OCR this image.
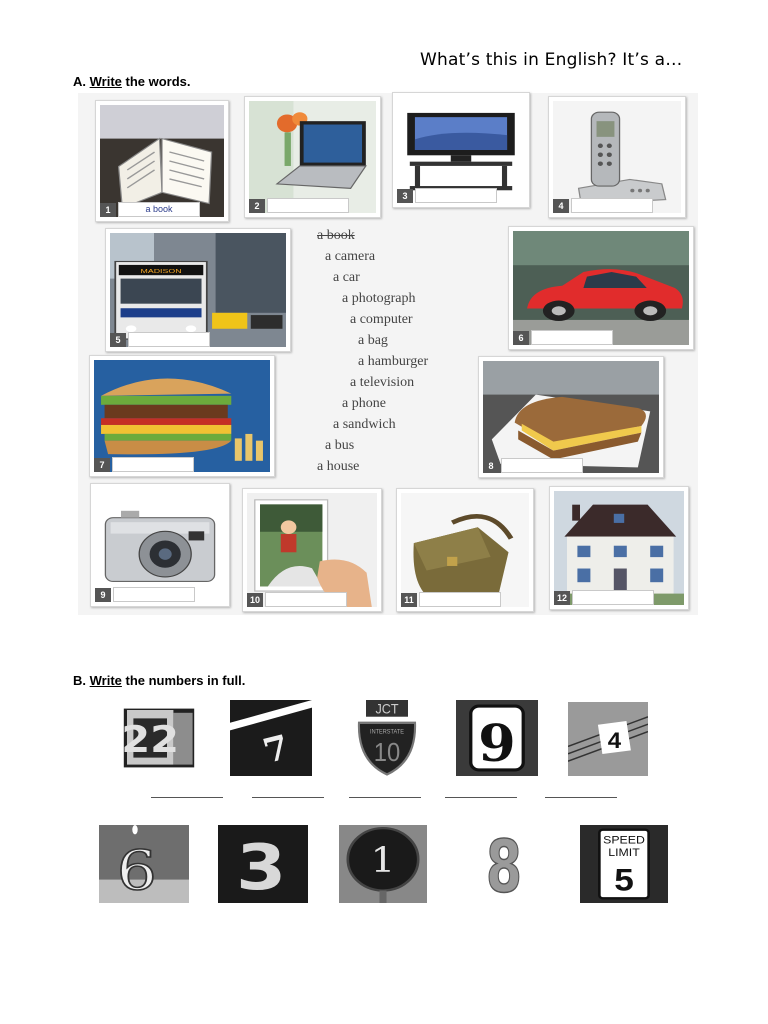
What’s this in English? It’s a…
A. Write the words.
1	a book	2
3
4
MADISON
5	6
7	8
9	10	11	12
a book
a camera
a car
a photograph
a computer
a bag
a hamburger
a television
a phone
a sandwich
a bus
a house
B. Write the numbers in full.
22 7
JCT
INTERSTATE
10 9	4
6 3 1 8	SPEED
LIMIT
5
